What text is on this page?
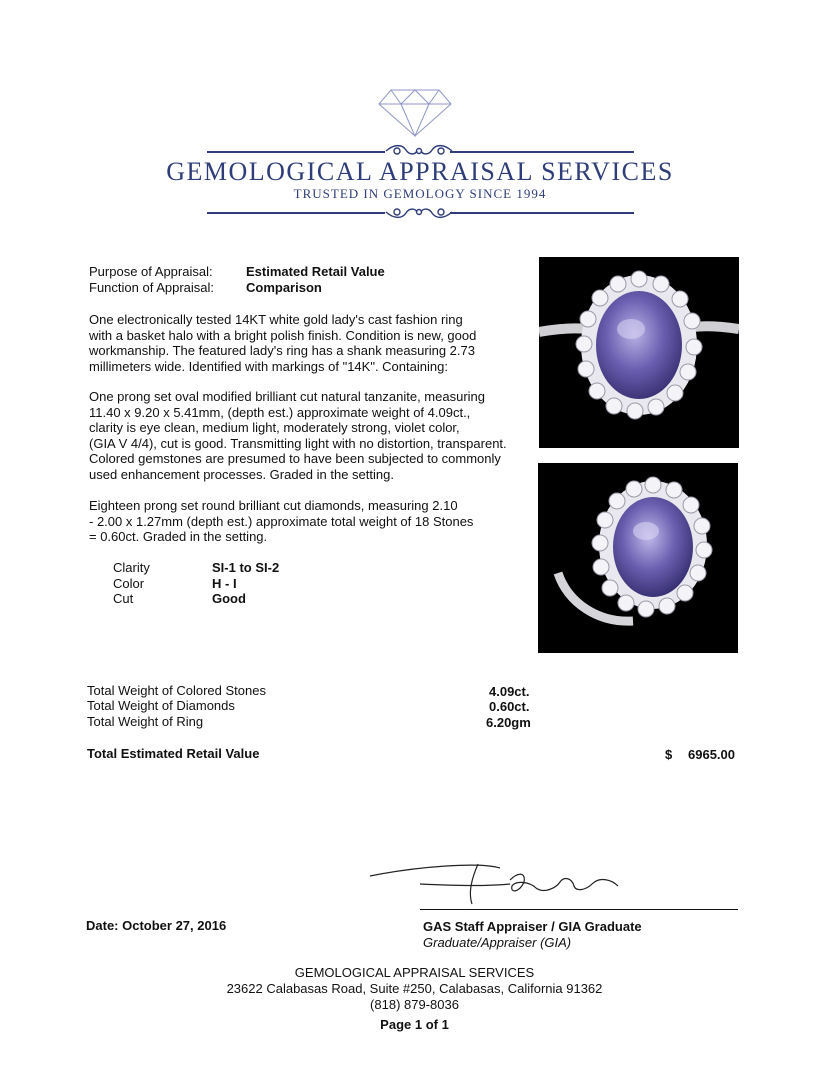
GEMOLOGICAL APPRAISAL SERVICES
TRUSTED IN GEMOLOGY SINCE 1994
Purpose of Appraisal:	Estimated Retail Value
Function of Appraisal: Comparison
One electronically tested 14KT white gold lady's cast fashion ring
with a basket halo with a bright polish finish. Condition is new, good
workmanship. The featured lady's ring has a shank measuring 2.73
millimeters wide. Identified with markings of "14K". Containing:
One prong set oval modified brilliant cut natural tanzanite, measuring
11.40 x 9.20 x 5.41mm, (depth est.) approximate weight of 4.09ct.,
clarity is eye clean, medium light, moderately strong, violet color,
(GIA V 4/4), cut is good. Transmitting light with no distortion, transparent.
Colored gemstones are presumed to have been subjected to commonly
used enhancement processes. Graded in the setting.
Eighteen prong set round brilliant cut diamonds, measuring 2.10
- 2.00 x 1.27mm (depth est.) approximate total weight of 18 Stones
= 0.60ct. Graded in the setting.
Clarity	SI-1 to SI-2
Color	H - I
Cut	Good
Total Weight of Colored Stones	4.09ct.
Total Weight of Diamonds	0.60ct.
Total Weight of Ring	6.20gm
Total Estimated Retail Value	$ 6965.00
Date: October 27, 2016	GAS Staff Appraiser / GIA Graduate
Graduate/Appraiser (GIA)
GEMOLOGICAL APPRAISAL SERVICES
23622 Calabasas Road, Suite #250, Calabasas, California 91362
(818) 879-8036
Page 1 of 1
